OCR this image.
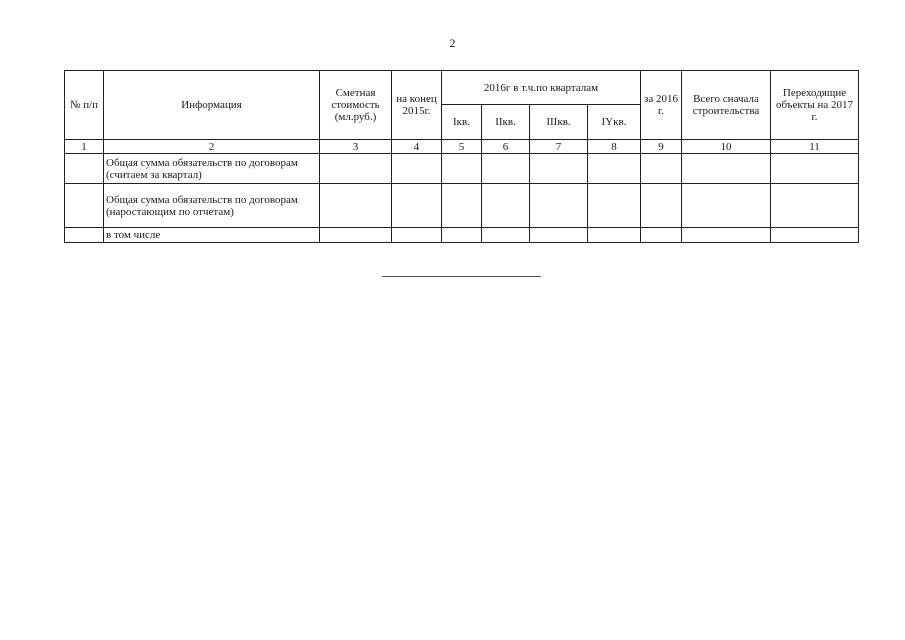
2
№ п/п	Информация	Сметная стоимость (мл.руб.)	на конец 2015г.	2016г в т.ч.по кварталам				за 2016 г.	Всего сначала строительства	Переходящие объекты на 2017 г.
				Iкв.	IIкв.	IIIкв.	IYкв.			
1	2	3	4	5	6	7	8	9	10	11
	Общая сумма обязательств по договорам (считаем за квартал)									
	Общая сумма обязательств по договорам (наростающим по отчетам)									
	в том числе									
